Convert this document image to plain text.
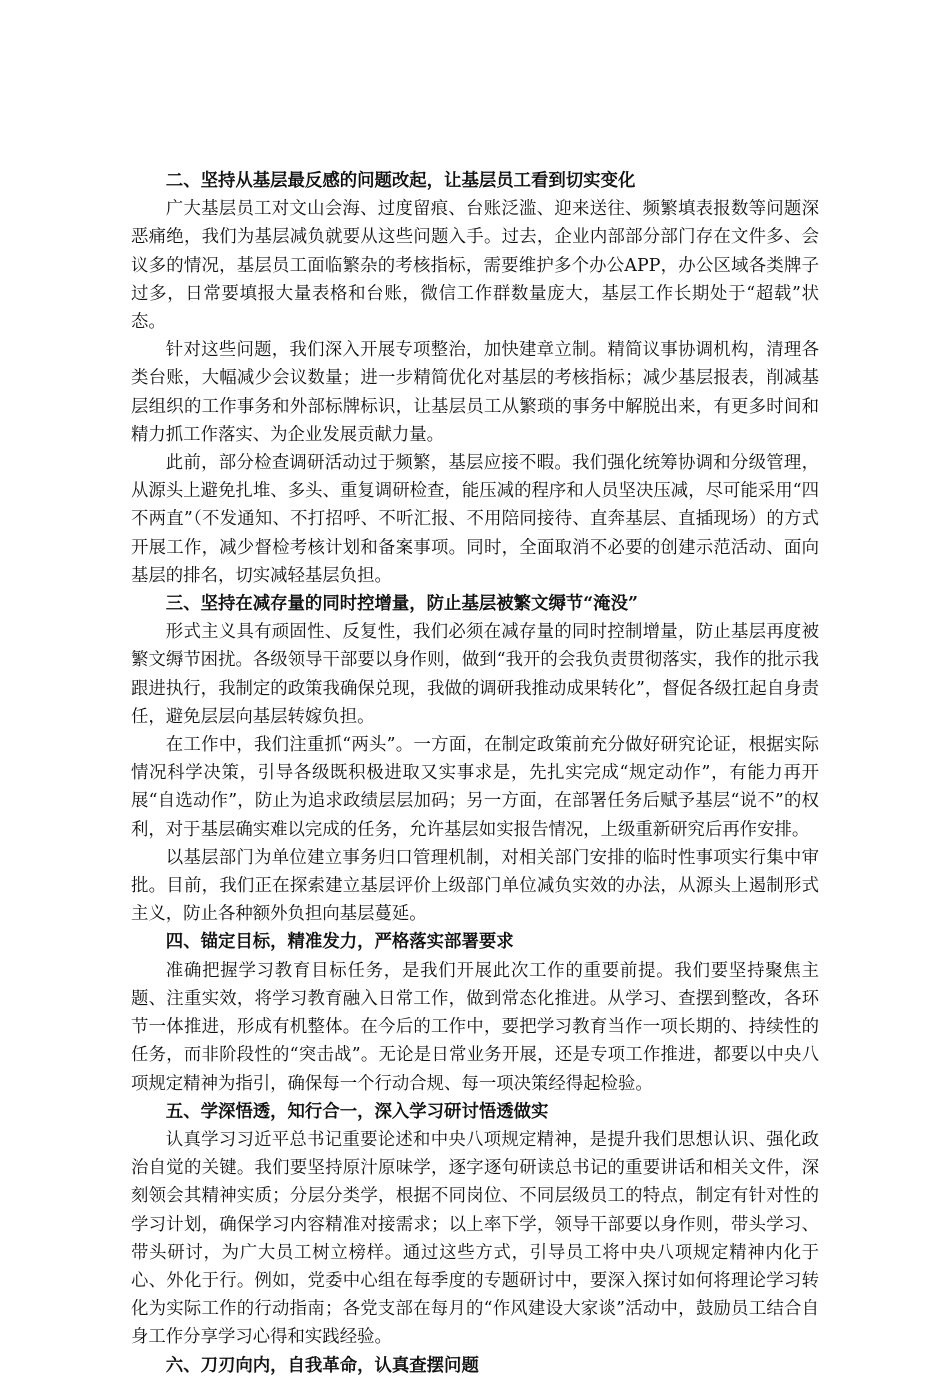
二、坚持从基层最反感的问题改起，让基层员工看到切实变化

广大基层员工对文山会海、过度留痕、台账泛滥、迎来送往、频繁填表报数等问题深恶痛绝，我们为基层减负就要从这些问题入手。过去，企业内部部分部门存在文件多、会议多的情况，基层员工面临繁杂的考核指标，需要维护多个办公APP，办公区域各类牌子过多，日常要填报大量表格和台账，微信工作群数量庞大，基层工作长期处于“超载”状态。

针对这些问题，我们深入开展专项整治，加快建章立制。精简议事协调机构，清理各类台账，大幅减少会议数量；进一步精简优化对基层的考核指标；减少基层报表，削减基层组织的工作事务和外部标牌标识，让基层员工从繁琐的事务中解脱出来，有更多时间和精力抓工作落实、为企业发展贡献力量。

此前，部分检查调研活动过于频繁，基层应接不暇。我们强化统筹协调和分级管理，从源头上避免扎堆、多头、重复调研检查，能压减的程序和人员坚决压减，尽可能采用“四不两直”（不发通知、不打招呼、不听汇报、不用陪同接待、直奔基层、直插现场）的方式开展工作，减少督检考核计划和备案事项。同时，全面取消不必要的创建示范活动、面向基层的排名，切实减轻基层负担。

三、坚持在减存量的同时控增量，防止基层被繁文缛节“淹没”

形式主义具有顽固性、反复性，我们必须在减存量的同时控制增量，防止基层再度被繁文缛节困扰。各级领导干部要以身作则，做到“我开的会我负责贯彻落实，我作的批示我跟进执行，我制定的政策我确保兑现，我做的调研我推动成果转化”，督促各级扛起自身责任，避免层层向基层转嫁负担。

在工作中，我们注重抓“两头”。一方面，在制定政策前充分做好研究论证，根据实际情况科学决策，引导各级既积极进取又实事求是，先扎实完成“规定动作”，有能力再开展“自选动作”，防止为追求政绩层层加码；另一方面，在部署任务后赋予基层“说不”的权利，对于基层确实难以完成的任务，允许基层如实报告情况，上级重新研究后再作安排。

以基层部门为单位建立事务归口管理机制，对相关部门安排的临时性事项实行集中审批。目前，我们正在探索建立基层评价上级部门单位减负实效的办法，从源头上遏制形式主义，防止各种额外负担向基层蔓延。

四、锚定目标，精准发力，严格落实部署要求

准确把握学习教育目标任务，是我们开展此次工作的重要前提。我们要坚持聚焦主题、注重实效，将学习教育融入日常工作，做到常态化推进。从学习、查摆到整改，各环节一体推进，形成有机整体。在今后的工作中，要把学习教育当作一项长期的、持续性的任务，而非阶段性的“突击战”。无论是日常业务开展，还是专项工作推进，都要以中央八项规定精神为指引，确保每一个行动合规、每一项决策经得起检验。

五、学深悟透，知行合一，深入学习研讨悟透做实

认真学习习近平总书记重要论述和中央八项规定精神，是提升我们思想认识、强化政治自觉的关键。我们要坚持原汁原味学，逐字逐句研读总书记的重要讲话和相关文件，深刻领会其精神实质；分层分类学，根据不同岗位、不同层级员工的特点，制定有针对性的学习计划，确保学习内容精准对接需求；以上率下学，领导干部要以身作则，带头学习、带头研讨，为广大员工树立榜样。通过这些方式，引导员工将中央八项规定精神内化于心、外化于行。例如，党委中心组在每季度的专题研讨中，要深入探讨如何将理论学习转化为实际工作的行动指南；各党支部在每月的“作风建设大家谈”活动中，鼓励员工结合自身工作分享学习心得和实践经验。

六、刀刃向内，自我革命，认真查摆问题
